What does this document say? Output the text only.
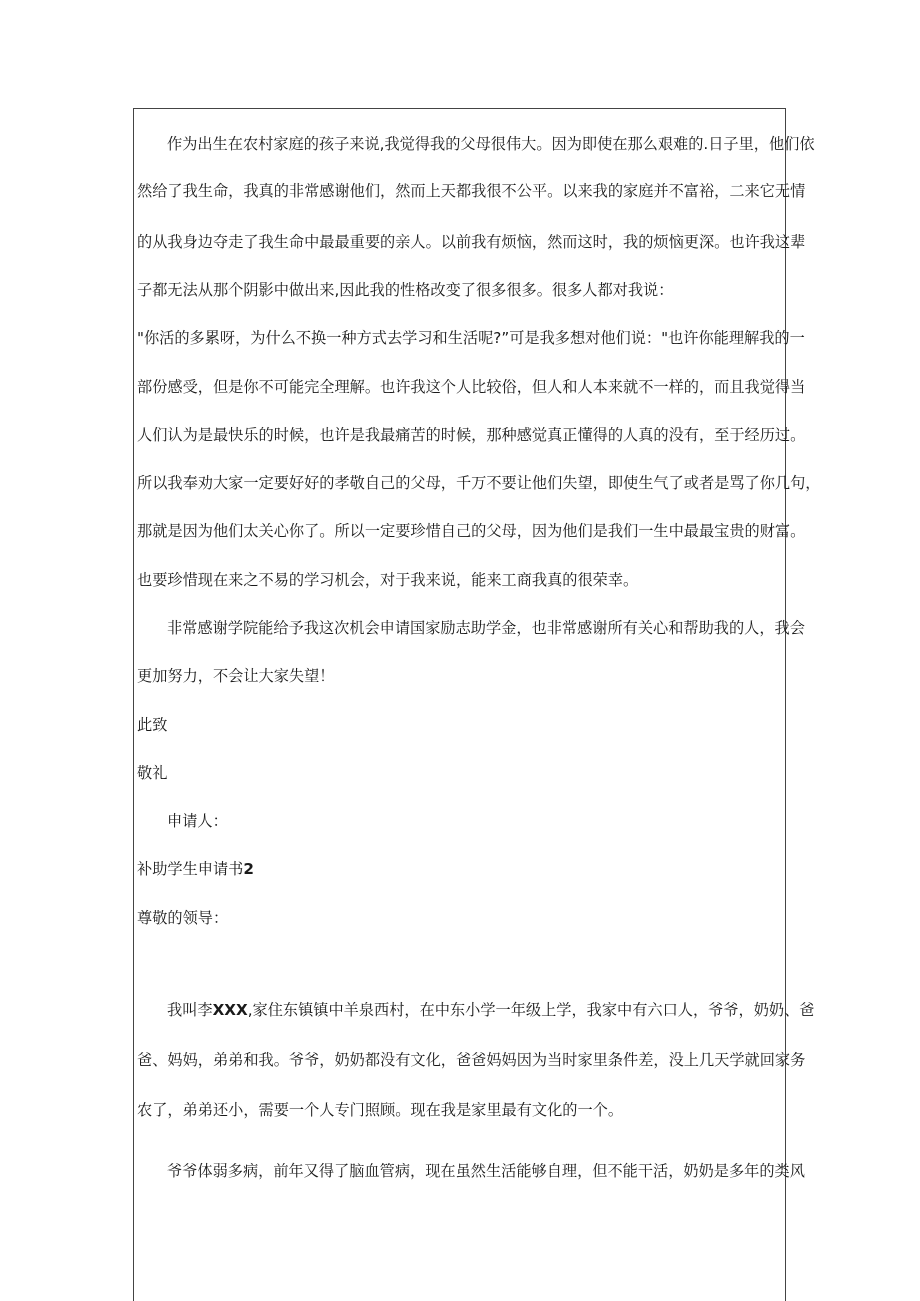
作为出生在农村家庭的孩子来说,我觉得我的父母很伟大。因为即使在那么艰难的.日子里，他们依
然给了我生命，我真的非常感谢他们，然而上天都我很不公平。以来我的家庭并不富裕，二来它无情
的从我身边夺走了我生命中最最重要的亲人。以前我有烦恼，然而这时，我的烦恼更深。也许我这辈
子都无法从那个阴影中做出来,因此我的性格改变了很多很多。很多人都对我说：
"你活的多累呀，为什么不换一种方式去学习和生活呢?”可是我多想对他们说："也许你能理解我的一
部份感受，但是你不可能完全理解。也许我这个人比较俗，但人和人本来就不一样的，而且我觉得当
人们认为是最快乐的时候，也许是我最痛苦的时候，那种感觉真正懂得的人真的没有，至于经历过。
所以我奉劝大家一定要好好的孝敬自己的父母，千万不要让他们失望，即使生气了或者是骂了你几句，
那就是因为他们太关心你了。所以一定要珍惜自己的父母，因为他们是我们一生中最最宝贵的财富。
也要珍惜现在来之不易的学习机会，对于我来说，能来工商我真的很荣幸。
非常感谢学院能给予我这次机会申请国家励志助学金，也非常感谢所有关心和帮助我的人，我会
更加努力，不会让大家失望！
此致
敬礼
申请人：
补助学生申请书2
尊敬的领导：
我叫李XXX,家住东镇镇中羊泉西村，在中东小学一年级上学，我家中有六口人，爷爷，奶奶、爸
爸、妈妈，弟弟和我。爷爷，奶奶都没有文化，爸爸妈妈因为当时家里条件差，没上几天学就回家务
农了，弟弟还小，需要一个人专门照顾。现在我是家里最有文化的一个。
爷爷体弱多病，前年又得了脑血管病，现在虽然生活能够自理，但不能干活，奶奶是多年的类风
